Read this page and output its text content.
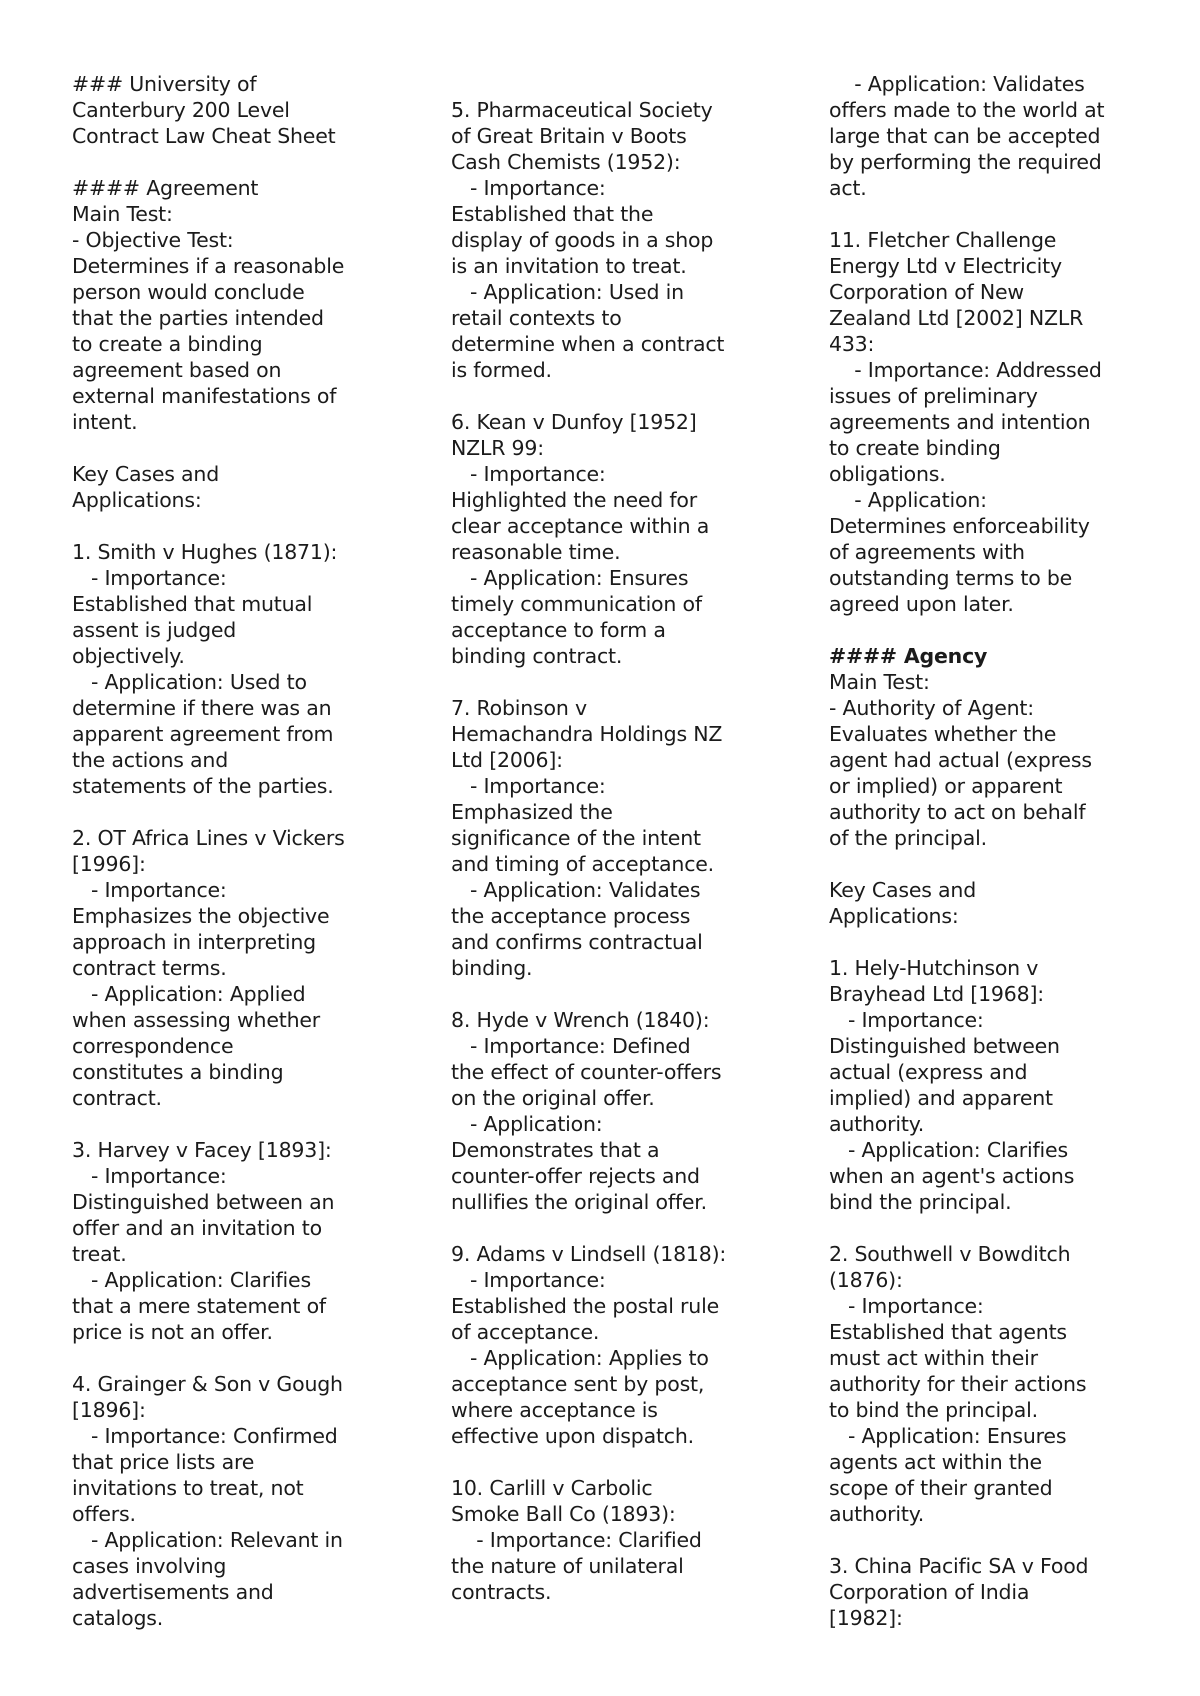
### University of
Canterbury 200 Level
Contract Law Cheat Sheet
#### Agreement
Main Test:
- Objective Test:
Determines if a reasonable
person would conclude
that the parties intended
to create a binding
agreement based on
external manifestations of
intent.
Key Cases and
Applications:
1. Smith v Hughes (1871):
- Importance:
Established that mutual
assent is judged
objectively.
- Application: Used to
determine if there was an
apparent agreement from
the actions and
statements of the parties.
2. OT Africa Lines v Vickers
[1996]:
- Importance:
Emphasizes the objective
approach in interpreting
contract terms.
- Application: Applied
when assessing whether
correspondence
constitutes a binding
contract.
3. Harvey v Facey [1893]:
- Importance:
Distinguished between an
offer and an invitation to
treat.
- Application: Clarifies
that a mere statement of
price is not an offer.
4. Grainger & Son v Gough
[1896]:
- Importance: Confirmed
that price lists are
invitations to treat, not
offers.
- Application: Relevant in
cases involving
advertisements and
catalogs.
5. Pharmaceutical Society
of Great Britain v Boots
Cash Chemists (1952):
- Importance:
Established that the
display of goods in a shop
is an invitation to treat.
- Application: Used in
retail contexts to
determine when a contract
is formed.
6. Kean v Dunfoy [1952]
NZLR 99:
- Importance:
Highlighted the need for
clear acceptance within a
reasonable time.
- Application: Ensures
timely communication of
acceptance to form a
binding contract.
7. Robinson v
Hemachandra Holdings NZ
Ltd [2006]:
- Importance:
Emphasized the
significance of the intent
and timing of acceptance.
- Application: Validates
the acceptance process
and confirms contractual
binding.
8. Hyde v Wrench (1840):
- Importance: Defined
the effect of counter-offers
on the original offer.
- Application:
Demonstrates that a
counter-offer rejects and
nullifies the original offer.
9. Adams v Lindsell (1818):
- Importance:
Established the postal rule
of acceptance.
- Application: Applies to
acceptance sent by post,
where acceptance is
effective upon dispatch.
10. Carlill v Carbolic
Smoke Ball Co (1893):
- Importance: Clarified
the nature of unilateral
contracts.
- Application: Validates
offers made to the world at
large that can be accepted
by performing the required
act.
11. Fletcher Challenge
Energy Ltd v Electricity
Corporation of New
Zealand Ltd [2002] NZLR
433:
- Importance: Addressed
issues of preliminary
agreements and intention
to create binding
obligations.
- Application:
Determines enforceability
of agreements with
outstanding terms to be
agreed upon later.
#### Agency
Main Test:
- Authority of Agent:
Evaluates whether the
agent had actual (express
or implied) or apparent
authority to act on behalf
of the principal.
Key Cases and
Applications:
1. Hely-Hutchinson v
Brayhead Ltd [1968]:
- Importance:
Distinguished between
actual (express and
implied) and apparent
authority.
- Application: Clarifies
when an agent's actions
bind the principal.
2. Southwell v Bowditch
(1876):
- Importance:
Established that agents
must act within their
authority for their actions
to bind the principal.
- Application: Ensures
agents act within the
scope of their granted
authority.
3. China Pacific SA v Food
Corporation of India
[1982]:
